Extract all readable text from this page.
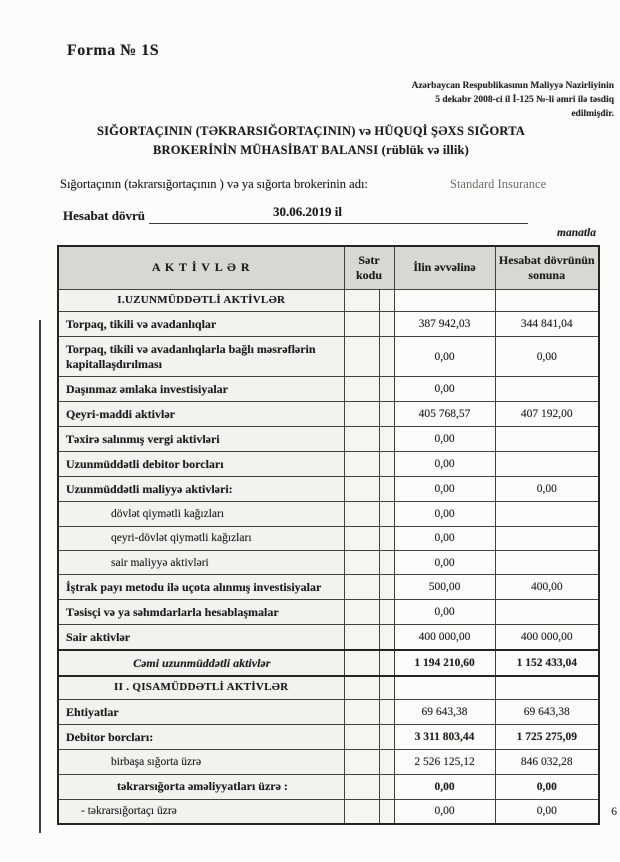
Forma № 1S
Azərbaycan Respublikasının Maliyyə Nazirliyinin
5 dekabr 2008-ci il İ-125 №-li əmri ilə təsdiq
edilmişdir.
SIĞORTAÇININ (TƏKRARSIĞORTAÇININ) və HÜQUQİ ŞƏXS SIĞORTA
BROKERİNİN MÜHASİBAT BALANSI (rüblük və illik)
Sığortaçının (təkrarsığortaçının ) və ya sığorta brokerinin adı:	Standard Insurance
Hesabat dövrü	30.06.2019 il
manatla
A K T İ V L Ə R	Sətr kodu		İlin əvvəlinə	Hesabat dövrünün sonuna
I.UZUNMÜDDƏTLİ AKTİVLƏR				
Torpaq, tikili və avadanlıqlar			387 942,03	344 841,04
Torpaq, tikili və avadanlıqlarla bağlı məsrəflərin kapitallaşdırılması			0,00	0,00
Daşınmaz əmlaka investisiyalar			0,00	
Qeyri-maddi aktivlər			405 768,57	407 192,00
Təxirə salınmış vergi aktivləri			0,00	
Uzunmüddətli debitor borcları			0,00	
Uzunmüddətli maliyyə aktivləri:			0,00	0,00
dövlət qiymətli kağızları			0,00	
qeyri-dövlət qiymətli kağızları			0,00	
sair maliyyə aktivləri			0,00	
İştrak payı metodu ilə uçota alınmış investisiyalar			500,00	400,00
Təsisçi və ya səhmdarlarla hesablaşmalar			0,00	
Sair aktivlər			400 000,00	400 000,00
Cəmi uzunmüddətli aktivlər			1 194 210,60	1 152 433,04
II . QISAMÜDDƏTLİ AKTİVLƏR				
Ehtiyatlar			69 643,38	69 643,38
Debitor borcları:			3 311 803,44	1 725 275,09
birbaşa sığorta üzrə			2 526 125,12	846 032,28
təkrarsığorta əməliyyatları üzrə :			0,00	0,00
- təkrarsığortaçı üzrə			0,00	0,00	6
